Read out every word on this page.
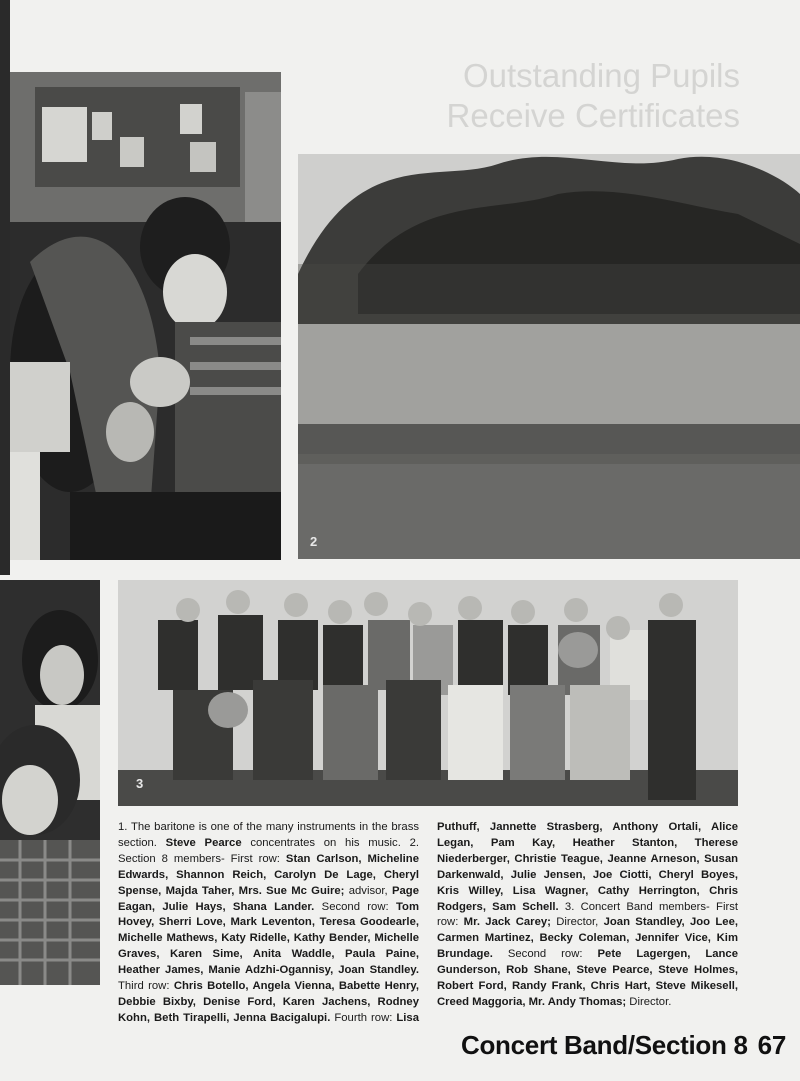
Outstanding Pupils
Receive Certificates
2
3

1. The baritone is one of the many instruments in the brass section. Steve Pearce concentrates on his music. 2. Section 8 members- First row: Stan Carlson, Micheline Edwards, Shannon Reich, Carolyn De Lage, Cheryl Spense, Majda Taher, Mrs. Sue Mc Guire; advisor, Page Eagan, Julie Hays, Shana Lander. Second row: Tom Hovey, Sherri Love, Mark Leventon, Teresa Goodearle, Michelle Mathews, Katy Ridelle, Kathy Bender, Michelle Graves, Karen Sime, Anita Waddle, Paula Paine, Heather James, Manie Adzhi-Ogannisy, Joan Standley. Third row: Chris Botello, Angela Vienna, Babette Henry, Debbie Bixby, Denise Ford, Karen Jachens, Rodney Kohn, Beth Tirapelli, Jenna Bacigalupi. Fourth row: Lisa Puthuff, Jannette Strasberg, Anthony Ortali, Alice Legan, Pam Kay, Heather Stanton, Therese Niederberger, Christie Teague, Jeanne Arneson, Susan Darkenwald, Julie Jensen, Joe Ciotti, Cheryl Boyes, Kris Willey, Lisa Wagner, Cathy Herrington, Chris Rodgers, Sam Schell. 3. Concert Band members- First row: Mr. Jack Carey; Director, Joan Standley, Joo Lee, Carmen Martinez, Becky Coleman, Jennifer Vice, Kim Brundage. Second row: Pete Lagergen, Lance Gunderson, Rob Shane, Steve Pearce, Steve Holmes, Robert Ford, Randy Frank, Chris Hart, Steve Mikesell, Creed Maggoria, Mr. Andy Thomas; Director.

Concert Band/Section 8 67
